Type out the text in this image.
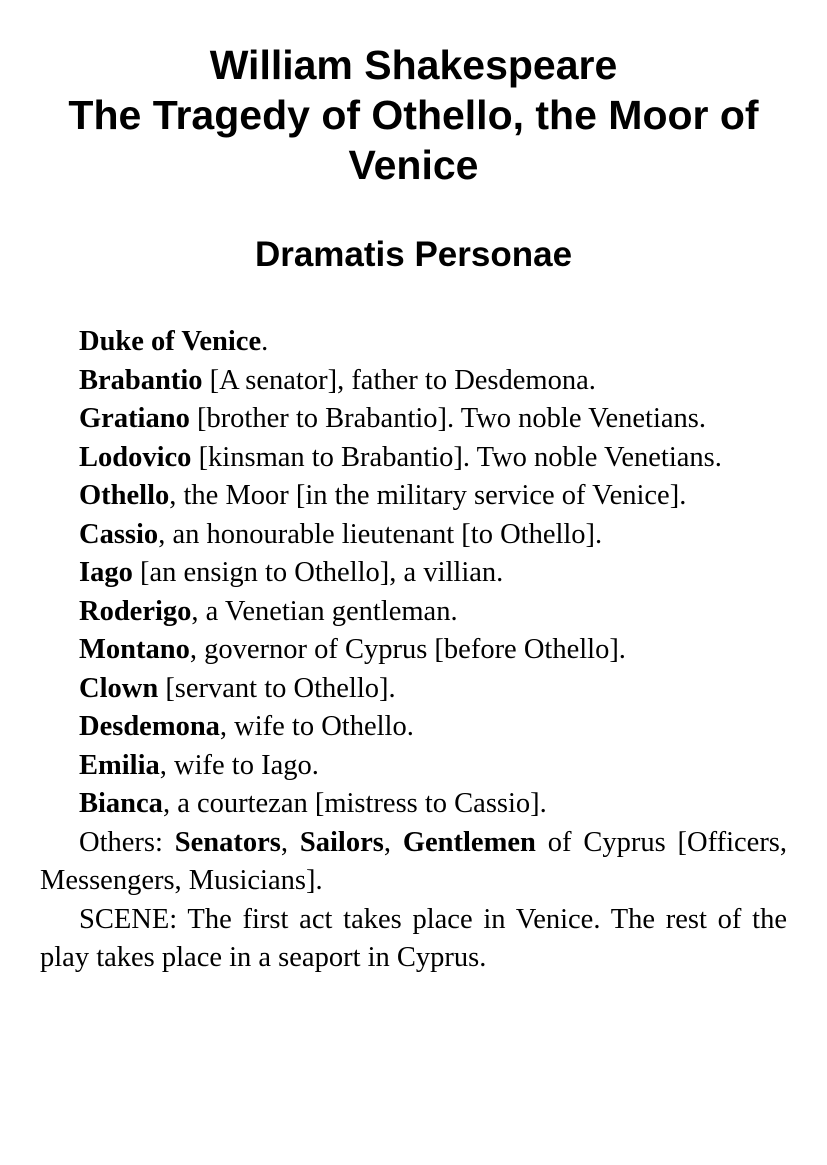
William Shakespeare
The Tragedy of Othello, the Moor of Venice
Dramatis Personae

Duke of Venice.

Brabantio [A senator], father to Desdemona.

Gratiano [brother to Brabantio]. Two noble Venetians.

Lodovico [kinsman to Brabantio]. Two noble Venetians.

Othello, the Moor [in the military service of Venice].

Cassio, an honourable lieutenant [to Othello].

Iago [an ensign to Othello], a villian.

Roderigo, a Venetian gentleman.

Montano, governor of Cyprus [before Othello].

Clown [servant to Othello].

Desdemona, wife to Othello.

Emilia, wife to Iago.

Bianca, a courtezan [mistress to Cassio].

Others: Senators, Sailors, Gentlemen of Cyprus [Officers, Messengers, Musicians].

SCENE: The first act takes place in Venice. The rest of the play takes place in a seaport in Cyprus.
